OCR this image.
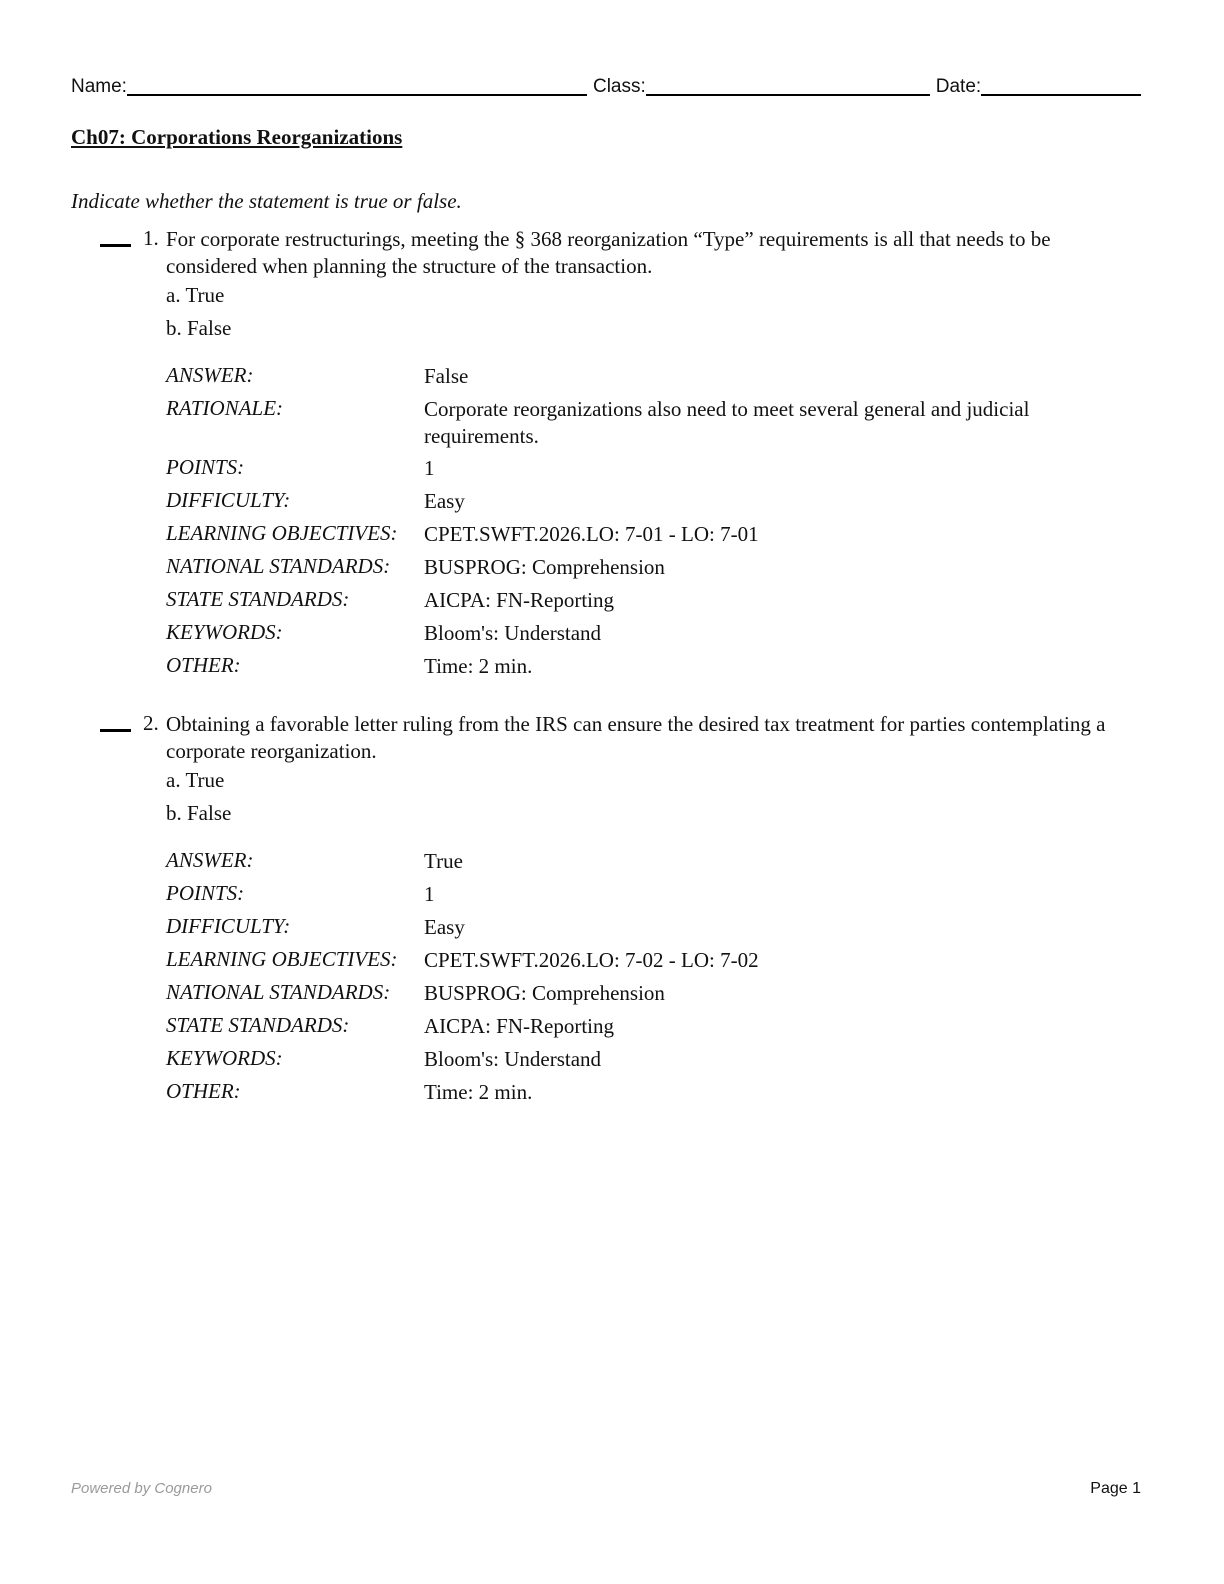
Name:	Class:	Date:
Ch07: Corporations Reorganizations
Indicate whether the statement is true or false.
1. For corporate restructurings, meeting the § 368 reorganization “Type” requirements is all that needs to be considered when planning the structure of the transaction.
a. True
b. False
ANSWER:	False
RATIONALE:	Corporate reorganizations also need to meet several general and judicial requirements.
POINTS:	1
DIFFICULTY:	Easy
LEARNING OBJECTIVES: CPET.SWFT.2026.LO: 7-01 - LO: 7-01
NATIONAL STANDARDS: BUSPROG: Comprehension
STATE STANDARDS:	AICPA: FN-Reporting
KEYWORDS:	Bloom's: Understand
OTHER:	Time: 2 min.
2. Obtaining a favorable letter ruling from the IRS can ensure the desired tax treatment for parties contemplating a corporate reorganization.
a. True
b. False
ANSWER:	True
POINTS:	1
DIFFICULTY:	Easy
LEARNING OBJECTIVES: CPET.SWFT.2026.LO: 7-02 - LO: 7-02
NATIONAL STANDARDS: BUSPROG: Comprehension
STATE STANDARDS:	AICPA: FN-Reporting
KEYWORDS:	Bloom's: Understand
OTHER:	Time: 2 min.
Powered by Cognero	Page 1
